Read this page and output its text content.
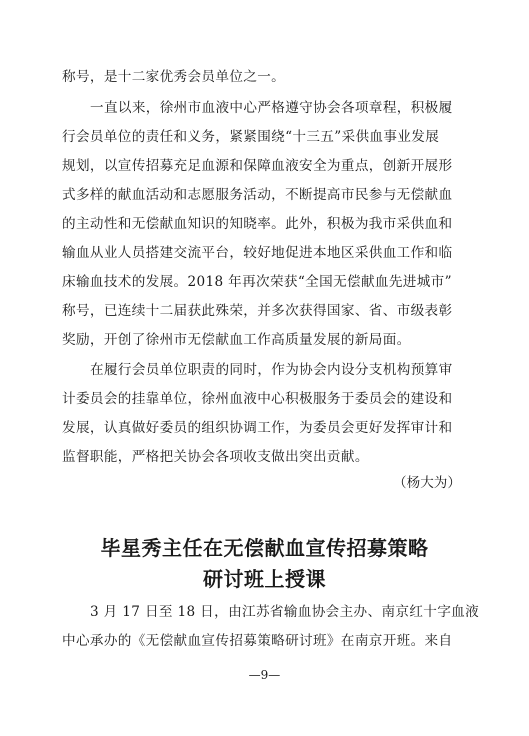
称号，是十二家优秀会员单位之一。
一直以来，徐州市血液中心严格遵守协会各项章程，积极履
行会员单位的责任和义务，紧紧围绕“十三五”采供血事业发展
规划，以宣传招募充足血源和保障血液安全为重点，创新开展形
式多样的献血活动和志愿服务活动，不断提高市民参与无偿献血
的主动性和无偿献血知识的知晓率。此外，积极为我市采供血和
输血从业人员搭建交流平台，较好地促进本地区采供血工作和临
床输血技术的发展。2018 年再次荣获“全国无偿献血先进城市”
称号，已连续十二届获此殊荣，并多次获得国家、省、市级表彰
奖励，开创了徐州市无偿献血工作高质量发展的新局面。
在履行会员单位职责的同时，作为协会内设分支机构预算审
计委员会的挂靠单位，徐州血液中心积极服务于委员会的建设和
发展，认真做好委员的组织协调工作，为委员会更好发挥审计和
监督职能，严格把关协会各项收支做出突出贡献。
（杨大为）
毕星秀主任在无偿献血宣传招募策略
研讨班上授课
3 月 17 日至 18 日，由江苏省输血协会主办、南京红十字血液
中心承办的《无偿献血宣传招募策略研讨班》在南京开班。来自
—9—
